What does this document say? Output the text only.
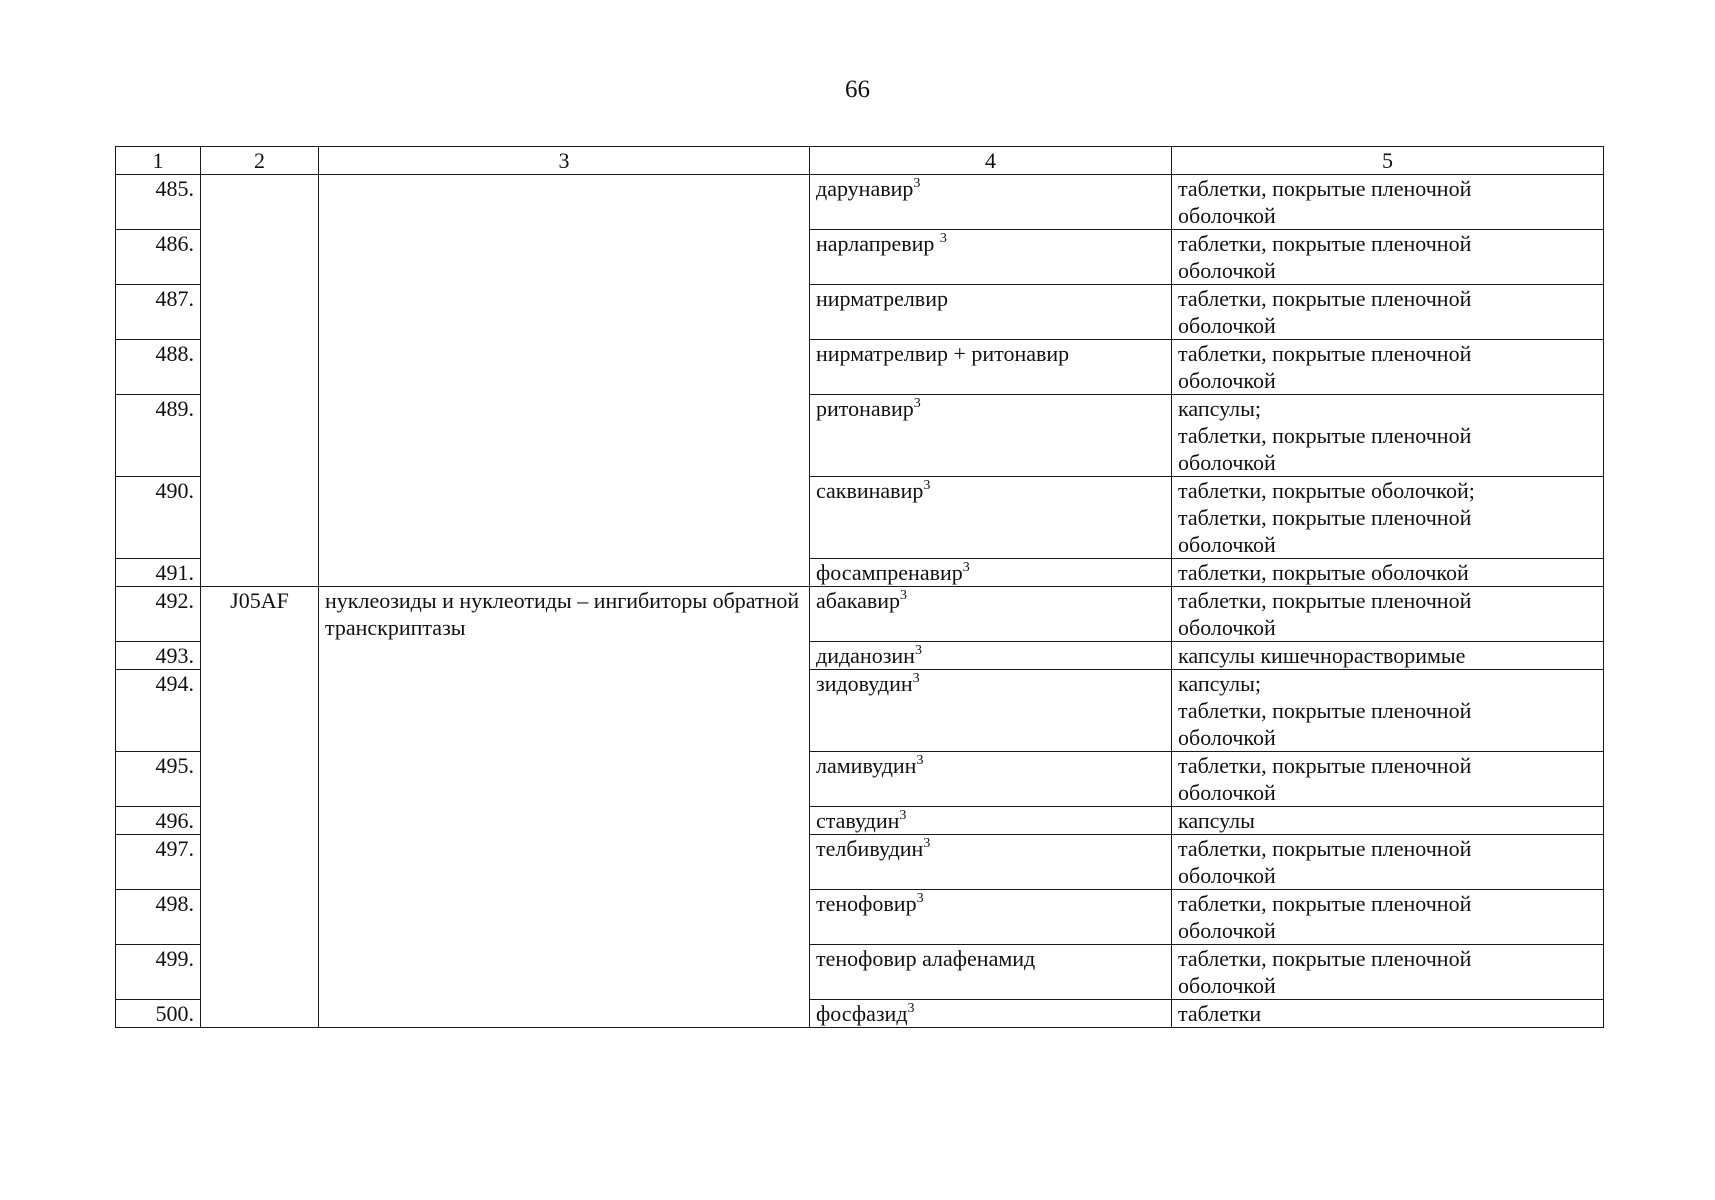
66
1	2	3	4	5
485.			дарунавир$^3$	таблетки, покрытые пленочной
оболочкой

486.			нарлапревир $^3$	таблетки, покрытые пленочной
оболочкой

487.			нирматрелвир	таблетки, покрытые пленочной
оболочкой

488.			нирматрелвир + ритонавир	таблетки, покрытые пленочной
оболочкой

489.			ритонавир$^3$	капсулы;
таблетки, покрытые пленочной
оболочкой

490.			саквинавир$^3$	таблетки, покрытые оболочкой;
таблетки, покрытые пленочной
оболочкой

491.			фосампренавир$^3$	таблетки, покрытые оболочкой

492.	J05AF	нуклеозиды и нуклеотиды – ингибиторы обратной транскриптазы	абакавир$^3$	таблетки, покрытые пленочной
оболочкой

493.			диданозин$^3$	капсулы кишечнорастворимые

494.			зидовудин$^3$	капсулы;
таблетки, покрытые пленочной
оболочкой

495.			ламивудин$^3$	таблетки, покрытые пленочной
оболочкой

496.			ставудин$^3$	капсулы

497.			телбивудин$^3$	таблетки, покрытые пленочной
оболочкой

498.			тенофовир$^3$	таблетки, покрытые пленочной
оболочкой

499.			тенофовир алафенамид	таблетки, покрытые пленочной
оболочкой

500.			фосфазид$^3$	таблетки
